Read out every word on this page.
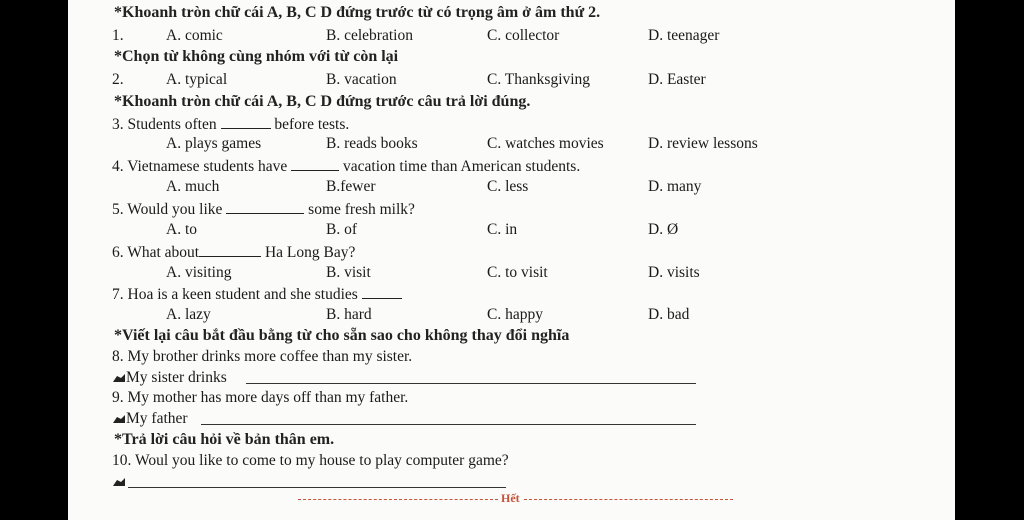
*Khoanh tròn chữ cái A, B, C D đứng trước từ có trọng âm ở âm thứ 2.
1.	A. comic	B. celebration	C. collector	D. teenager
*Chọn từ không cùng nhóm với từ còn lại
2.	A. typical	B. vacation	C. Thanksgiving	D. Easter
*Khoanh tròn chữ cái A, B, C D đứng trước câu trả lời đúng.
3. Students often	before tests.
A. plays games	B. reads books	C. watches movies	D. review lessons
4. Vietnamese students have	vacation time than American students.
A. much	B.fewer	C. less	D. many
5. Would you like	some fresh milk?
A. to	B. of	C. in	D. Ø
6. What about	Ha Long Bay?
A. visiting	B. visit	C. to visit	D. visits
7. Hoa is a keen student and she studies
A. lazy	B. hard	C. happy	D. bad
*Viết lại câu bắt đầu bằng từ cho sẵn sao cho không thay đổi nghĩa
8. My brother drinks more coffee than my sister.
My sister drinks
9. My mother has more days off than my father.
My father
*Trả lời câu hỏi về bản thân em.
10. Woul you like to come to my house to play computer game?
Hết
